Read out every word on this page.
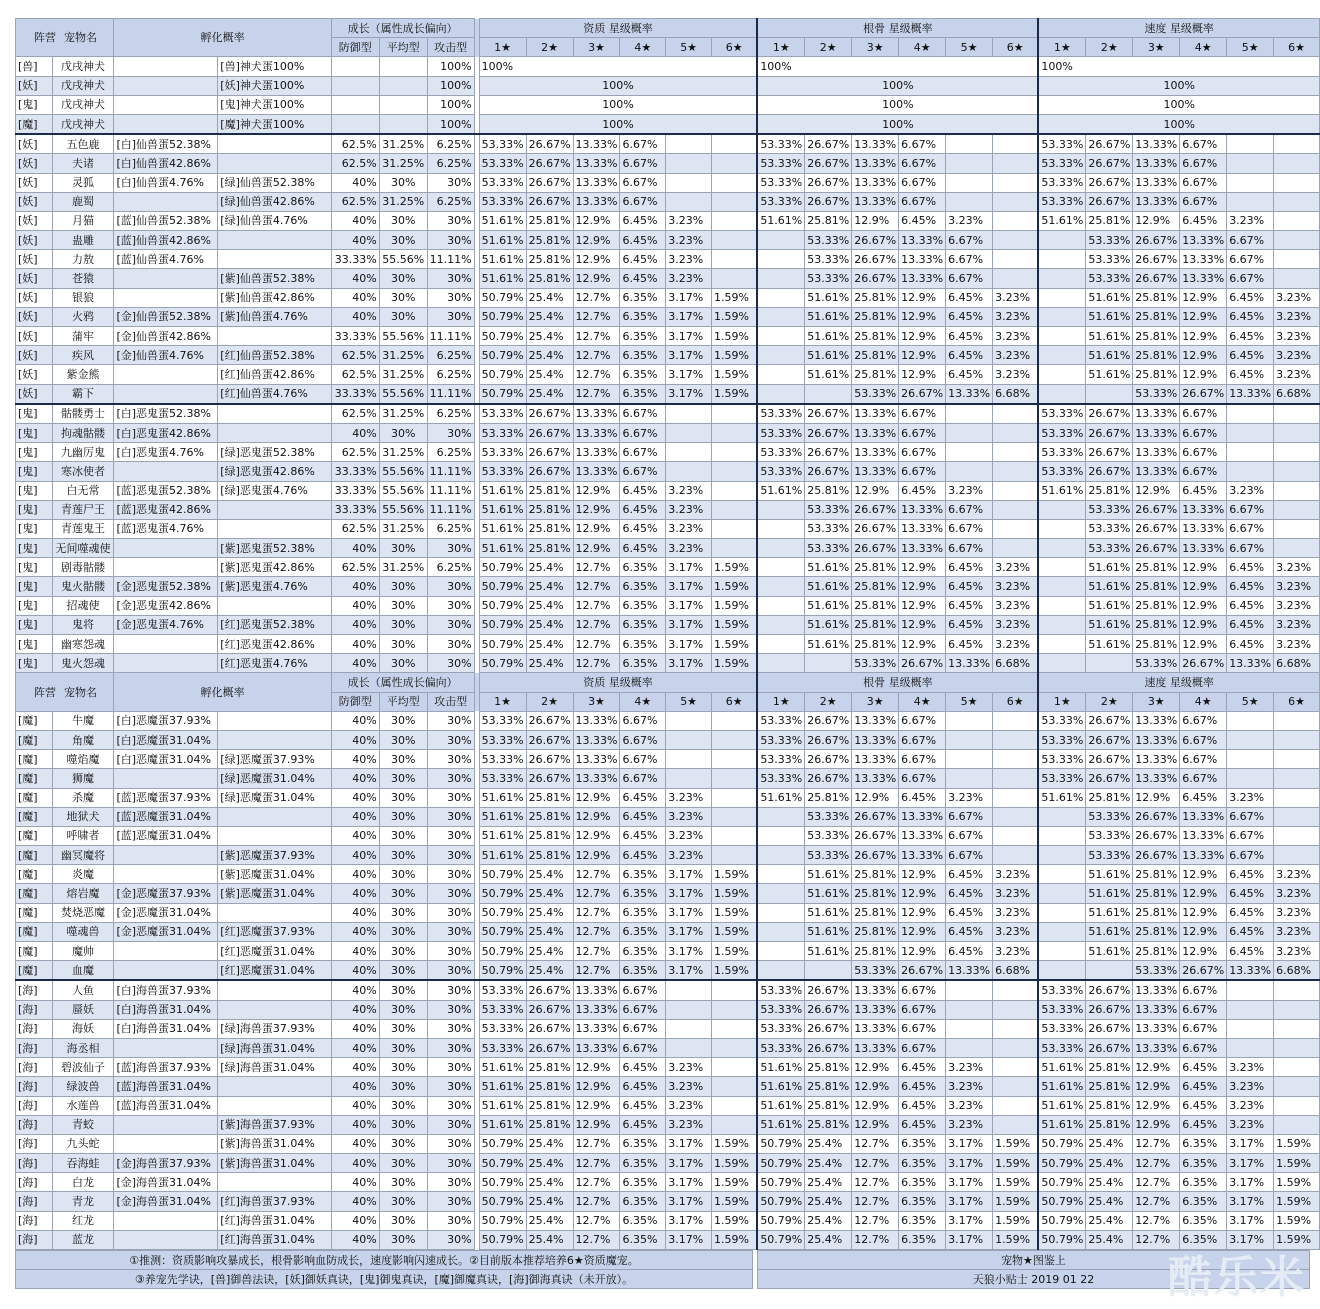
阵营 宠物名		孵化概率		成长（属性成长偏向）				资质 星级概率						根骨 星级概率						速度 星级概率					
				防御型	平均型	攻击型		1★	2★	3★	4★	5★	6★	1★	2★	3★	4★	5★	6★	1★	2★	3★	4★	5★	6★
[兽]	戊戌神犬		[兽]神犬蛋100%			100%		100%						100%						100%					
[妖]	戊戌神犬		[妖]神犬蛋100%			100%		100%						100%						100%					
[鬼]	戊戌神犬		[鬼]神犬蛋100%			100%		100%						100%						100%					
[魔]	戊戌神犬		[魔]神犬蛋100%			100%		100%						100%						100%					
[妖]	五色鹿	[白]仙兽蛋52.38%		62.5%	31.25%	6.25%		53.33%	26.67%	13.33%	6.67%			53.33%	26.67%	13.33%	6.67%			53.33%	26.67%	13.33%	6.67%		
[妖]	夫诸	[白]仙兽蛋42.86%		62.5%	31.25%	6.25%		53.33%	26.67%	13.33%	6.67%			53.33%	26.67%	13.33%	6.67%			53.33%	26.67%	13.33%	6.67%		
[妖]	灵狐	[白]仙兽蛋4.76%	[绿]仙兽蛋52.38%	40%	30%	30%		53.33%	26.67%	13.33%	6.67%			53.33%	26.67%	13.33%	6.67%			53.33%	26.67%	13.33%	6.67%		
[妖]	鹿蜀		[绿]仙兽蛋42.86%	62.5%	31.25%	6.25%		53.33%	26.67%	13.33%	6.67%			53.33%	26.67%	13.33%	6.67%			53.33%	26.67%	13.33%	6.67%		
[妖]	月猫	[蓝]仙兽蛋52.38%	[绿]仙兽蛋4.76%	40%	30%	30%		51.61%	25.81%	12.9%	6.45%	3.23%		51.61%	25.81%	12.9%	6.45%	3.23%		51.61%	25.81%	12.9%	6.45%	3.23%	
[妖]	蛊雕	[蓝]仙兽蛋42.86%		40%	30%	30%		51.61%	25.81%	12.9%	6.45%	3.23%			53.33%	26.67%	13.33%	6.67%			53.33%	26.67%	13.33%	6.67%	
[妖]	力敖	[蓝]仙兽蛋4.76%		33.33%	55.56%	11.11%		51.61%	25.81%	12.9%	6.45%	3.23%			53.33%	26.67%	13.33%	6.67%			53.33%	26.67%	13.33%	6.67%	
[妖]	苍猿		[紫]仙兽蛋52.38%	40%	30%	30%		51.61%	25.81%	12.9%	6.45%	3.23%			53.33%	26.67%	13.33%	6.67%			53.33%	26.67%	13.33%	6.67%	
[妖]	银狼		[紫]仙兽蛋42.86%	40%	30%	30%		50.79%	25.4%	12.7%	6.35%	3.17%	1.59%		51.61%	25.81%	12.9%	6.45%	3.23%		51.61%	25.81%	12.9%	6.45%	3.23%
[妖]	火鸦	[金]仙兽蛋52.38%	[紫]仙兽蛋4.76%	40%	30%	30%		50.79%	25.4%	12.7%	6.35%	3.17%	1.59%		51.61%	25.81%	12.9%	6.45%	3.23%		51.61%	25.81%	12.9%	6.45%	3.23%
[妖]	蒲牢	[金]仙兽蛋42.86%		33.33%	55.56%	11.11%		50.79%	25.4%	12.7%	6.35%	3.17%	1.59%		51.61%	25.81%	12.9%	6.45%	3.23%		51.61%	25.81%	12.9%	6.45%	3.23%
[妖]	疾风	[金]仙兽蛋4.76%	[红]仙兽蛋52.38%	62.5%	31.25%	6.25%		50.79%	25.4%	12.7%	6.35%	3.17%	1.59%		51.61%	25.81%	12.9%	6.45%	3.23%		51.61%	25.81%	12.9%	6.45%	3.23%
[妖]	紫金熊		[红]仙兽蛋42.86%	62.5%	31.25%	6.25%		50.79%	25.4%	12.7%	6.35%	3.17%	1.59%		51.61%	25.81%	12.9%	6.45%	3.23%		51.61%	25.81%	12.9%	6.45%	3.23%
[妖]	霸下		[红]仙兽蛋4.76%	33.33%	55.56%	11.11%		50.79%	25.4%	12.7%	6.35%	3.17%	1.59%			53.33%	26.67%	13.33%	6.68%			53.33%	26.67%	13.33%	6.68%
[鬼]	骷髅勇士	[白]恶鬼蛋52.38%		62.5%	31.25%	6.25%		53.33%	26.67%	13.33%	6.67%			53.33%	26.67%	13.33%	6.67%			53.33%	26.67%	13.33%	6.67%		
[鬼]	拘魂骷髅	[白]恶鬼蛋42.86%		40%	30%	30%		53.33%	26.67%	13.33%	6.67%			53.33%	26.67%	13.33%	6.67%			53.33%	26.67%	13.33%	6.67%		
[鬼]	九幽厉鬼	[白]恶鬼蛋4.76%	[绿]恶鬼蛋52.38%	62.5%	31.25%	6.25%		53.33%	26.67%	13.33%	6.67%			53.33%	26.67%	13.33%	6.67%			53.33%	26.67%	13.33%	6.67%		
[鬼]	寒冰使者		[绿]恶鬼蛋42.86%	33.33%	55.56%	11.11%		53.33%	26.67%	13.33%	6.67%			53.33%	26.67%	13.33%	6.67%			53.33%	26.67%	13.33%	6.67%		
[鬼]	白无常	[蓝]恶鬼蛋52.38%	[绿]恶鬼蛋4.76%	33.33%	55.56%	11.11%		51.61%	25.81%	12.9%	6.45%	3.23%		51.61%	25.81%	12.9%	6.45%	3.23%		51.61%	25.81%	12.9%	6.45%	3.23%	
[鬼]	青莲尸王	[蓝]恶鬼蛋42.86%		33.33%	55.56%	11.11%		51.61%	25.81%	12.9%	6.45%	3.23%			53.33%	26.67%	13.33%	6.67%			53.33%	26.67%	13.33%	6.67%	
[鬼]	青莲鬼王	[蓝]恶鬼蛋4.76%		62.5%	31.25%	6.25%		51.61%	25.81%	12.9%	6.45%	3.23%			53.33%	26.67%	13.33%	6.67%			53.33%	26.67%	13.33%	6.67%	
[鬼]	无间噬魂使		[紫]恶鬼蛋52.38%	40%	30%	30%		51.61%	25.81%	12.9%	6.45%	3.23%			53.33%	26.67%	13.33%	6.67%			53.33%	26.67%	13.33%	6.67%	
[鬼]	剧毒骷髅		[紫]恶鬼蛋42.86%	62.5%	31.25%	6.25%		50.79%	25.4%	12.7%	6.35%	3.17%	1.59%		51.61%	25.81%	12.9%	6.45%	3.23%		51.61%	25.81%	12.9%	6.45%	3.23%
[鬼]	鬼火骷髅	[金]恶鬼蛋52.38%	[紫]恶鬼蛋4.76%	40%	30%	30%		50.79%	25.4%	12.7%	6.35%	3.17%	1.59%		51.61%	25.81%	12.9%	6.45%	3.23%		51.61%	25.81%	12.9%	6.45%	3.23%
[鬼]	招魂使	[金]恶鬼蛋42.86%		40%	30%	30%		50.79%	25.4%	12.7%	6.35%	3.17%	1.59%		51.61%	25.81%	12.9%	6.45%	3.23%		51.61%	25.81%	12.9%	6.45%	3.23%
[鬼]	鬼将	[金]恶鬼蛋4.76%	[红]恶鬼蛋52.38%	40%	30%	30%		50.79%	25.4%	12.7%	6.35%	3.17%	1.59%		51.61%	25.81%	12.9%	6.45%	3.23%		51.61%	25.81%	12.9%	6.45%	3.23%
[鬼]	幽寒怨魂		[红]恶鬼蛋42.86%	40%	30%	30%		50.79%	25.4%	12.7%	6.35%	3.17%	1.59%		51.61%	25.81%	12.9%	6.45%	3.23%		51.61%	25.81%	12.9%	6.45%	3.23%
[鬼]	鬼火怨魂		[红]恶鬼蛋4.76%	40%	30%	30%		50.79%	25.4%	12.7%	6.35%	3.17%	1.59%			53.33%	26.67%	13.33%	6.68%			53.33%	26.67%	13.33%	6.68%
阵营 宠物名		孵化概率		成长（属性成长偏向）				资质 星级概率						根骨 星级概率						速度 星级概率					
				防御型	平均型	攻击型		1★	2★	3★	4★	5★	6★	1★	2★	3★	4★	5★	6★	1★	2★	3★	4★	5★	6★
[魔]	牛魔	[白]恶魔蛋37.93%		40%	30%	30%		53.33%	26.67%	13.33%	6.67%			53.33%	26.67%	13.33%	6.67%			53.33%	26.67%	13.33%	6.67%		
[魔]	角魔	[白]恶魔蛋31.04%		40%	30%	30%		53.33%	26.67%	13.33%	6.67%			53.33%	26.67%	13.33%	6.67%			53.33%	26.67%	13.33%	6.67%		
[魔]	噬焰魔	[白]恶魔蛋31.04%	[绿]恶魔蛋37.93%	40%	30%	30%		53.33%	26.67%	13.33%	6.67%			53.33%	26.67%	13.33%	6.67%			53.33%	26.67%	13.33%	6.67%		
[魔]	狮魔		[绿]恶魔蛋31.04%	40%	30%	30%		53.33%	26.67%	13.33%	6.67%			53.33%	26.67%	13.33%	6.67%			53.33%	26.67%	13.33%	6.67%		
[魔]	杀魔	[蓝]恶魔蛋37.93%	[绿]恶魔蛋31.04%	40%	30%	30%		51.61%	25.81%	12.9%	6.45%	3.23%		51.61%	25.81%	12.9%	6.45%	3.23%		51.61%	25.81%	12.9%	6.45%	3.23%	
[魔]	地狱犬	[蓝]恶魔蛋31.04%		40%	30%	30%		51.61%	25.81%	12.9%	6.45%	3.23%			53.33%	26.67%	13.33%	6.67%			53.33%	26.67%	13.33%	6.67%	
[魔]	呼啸者	[蓝]恶魔蛋31.04%		40%	30%	30%		51.61%	25.81%	12.9%	6.45%	3.23%			53.33%	26.67%	13.33%	6.67%			53.33%	26.67%	13.33%	6.67%	
[魔]	幽冥魔将		[紫]恶魔蛋37.93%	40%	30%	30%		51.61%	25.81%	12.9%	6.45%	3.23%			53.33%	26.67%	13.33%	6.67%			53.33%	26.67%	13.33%	6.67%	
[魔]	炎魔		[紫]恶魔蛋31.04%	40%	30%	30%		50.79%	25.4%	12.7%	6.35%	3.17%	1.59%		51.61%	25.81%	12.9%	6.45%	3.23%		51.61%	25.81%	12.9%	6.45%	3.23%
[魔]	熔岩魔	[金]恶魔蛋37.93%	[紫]恶魔蛋31.04%	40%	30%	30%		50.79%	25.4%	12.7%	6.35%	3.17%	1.59%		51.61%	25.81%	12.9%	6.45%	3.23%		51.61%	25.81%	12.9%	6.45%	3.23%
[魔]	焚烧恶魔	[金]恶魔蛋31.04%		40%	30%	30%		50.79%	25.4%	12.7%	6.35%	3.17%	1.59%		51.61%	25.81%	12.9%	6.45%	3.23%		51.61%	25.81%	12.9%	6.45%	3.23%
[魔]	噬魂兽	[金]恶魔蛋31.04%	[红]恶魔蛋37.93%	40%	30%	30%		50.79%	25.4%	12.7%	6.35%	3.17%	1.59%		51.61%	25.81%	12.9%	6.45%	3.23%		51.61%	25.81%	12.9%	6.45%	3.23%
[魔]	魔帅		[红]恶魔蛋31.04%	40%	30%	30%		50.79%	25.4%	12.7%	6.35%	3.17%	1.59%		51.61%	25.81%	12.9%	6.45%	3.23%		51.61%	25.81%	12.9%	6.45%	3.23%
[魔]	血魔		[红]恶魔蛋31.04%	40%	30%	30%		50.79%	25.4%	12.7%	6.35%	3.17%	1.59%			53.33%	26.67%	13.33%	6.68%			53.33%	26.67%	13.33%	6.68%
[海]	人鱼	[白]海兽蛋37.93%		40%	30%	30%		53.33%	26.67%	13.33%	6.67%			53.33%	26.67%	13.33%	6.67%			53.33%	26.67%	13.33%	6.67%		
[海]	蜃妖	[白]海兽蛋31.04%		40%	30%	30%		53.33%	26.67%	13.33%	6.67%			53.33%	26.67%	13.33%	6.67%			53.33%	26.67%	13.33%	6.67%		
[海]	海妖	[白]海兽蛋31.04%	[绿]海兽蛋37.93%	40%	30%	30%		53.33%	26.67%	13.33%	6.67%			53.33%	26.67%	13.33%	6.67%			53.33%	26.67%	13.33%	6.67%		
[海]	海丞相		[绿]海兽蛋31.04%	40%	30%	30%		53.33%	26.67%	13.33%	6.67%			53.33%	26.67%	13.33%	6.67%			53.33%	26.67%	13.33%	6.67%		
[海]	碧波仙子	[蓝]海兽蛋37.93%	[绿]海兽蛋31.04%	40%	30%	30%		51.61%	25.81%	12.9%	6.45%	3.23%		51.61%	25.81%	12.9%	6.45%	3.23%		51.61%	25.81%	12.9%	6.45%	3.23%	
[海]	绿波兽	[蓝]海兽蛋31.04%		40%	30%	30%		51.61%	25.81%	12.9%	6.45%	3.23%		51.61%	25.81%	12.9%	6.45%	3.23%		51.61%	25.81%	12.9%	6.45%	3.23%	
[海]	水莲兽	[蓝]海兽蛋31.04%		40%	30%	30%		51.61%	25.81%	12.9%	6.45%	3.23%		51.61%	25.81%	12.9%	6.45%	3.23%		51.61%	25.81%	12.9%	6.45%	3.23%	
[海]	青蛟		[紫]海兽蛋37.93%	40%	30%	30%		51.61%	25.81%	12.9%	6.45%	3.23%		51.61%	25.81%	12.9%	6.45%	3.23%		51.61%	25.81%	12.9%	6.45%	3.23%	
[海]	九头蛇		[紫]海兽蛋31.04%	40%	30%	30%		50.79%	25.4%	12.7%	6.35%	3.17%	1.59%	50.79%	25.4%	12.7%	6.35%	3.17%	1.59%	50.79%	25.4%	12.7%	6.35%	3.17%	1.59%
[海]	吞海蛙	[金]海兽蛋37.93%	[紫]海兽蛋31.04%	40%	30%	30%		50.79%	25.4%	12.7%	6.35%	3.17%	1.59%	50.79%	25.4%	12.7%	6.35%	3.17%	1.59%	50.79%	25.4%	12.7%	6.35%	3.17%	1.59%
[海]	白龙	[金]海兽蛋31.04%		40%	30%	30%		50.79%	25.4%	12.7%	6.35%	3.17%	1.59%	50.79%	25.4%	12.7%	6.35%	3.17%	1.59%	50.79%	25.4%	12.7%	6.35%	3.17%	1.59%
[海]	青龙	[金]海兽蛋31.04%	[红]海兽蛋37.93%	40%	30%	30%		50.79%	25.4%	12.7%	6.35%	3.17%	1.59%	50.79%	25.4%	12.7%	6.35%	3.17%	1.59%	50.79%	25.4%	12.7%	6.35%	3.17%	1.59%
[海]	红龙		[红]海兽蛋31.04%	40%	30%	30%		50.79%	25.4%	12.7%	6.35%	3.17%	1.59%	50.79%	25.4%	12.7%	6.35%	3.17%	1.59%	50.79%	25.4%	12.7%	6.35%	3.17%	1.59%
[海]	蓝龙		[红]海兽蛋31.04%	40%	30%	30%		50.79%	25.4%	12.7%	6.35%	3.17%	1.59%	50.79%	25.4%	12.7%	6.35%	3.17%	1.59%	50.79%	25.4%	12.7%	6.35%	3.17%	1.59%
①推测：资质影响攻暴成长，根骨影响血防成长，速度影响闪速成长。②目前版本推荐培养6★资质魔宠。		宠物★图鉴上
③养宠先学诀，[兽]御兽法诀，[妖]御妖真诀，[鬼]御鬼真诀，[魔]御魔真诀，[海]御海真诀（未开放）。		天狼小贴士 2019 01 22 酷乐米
